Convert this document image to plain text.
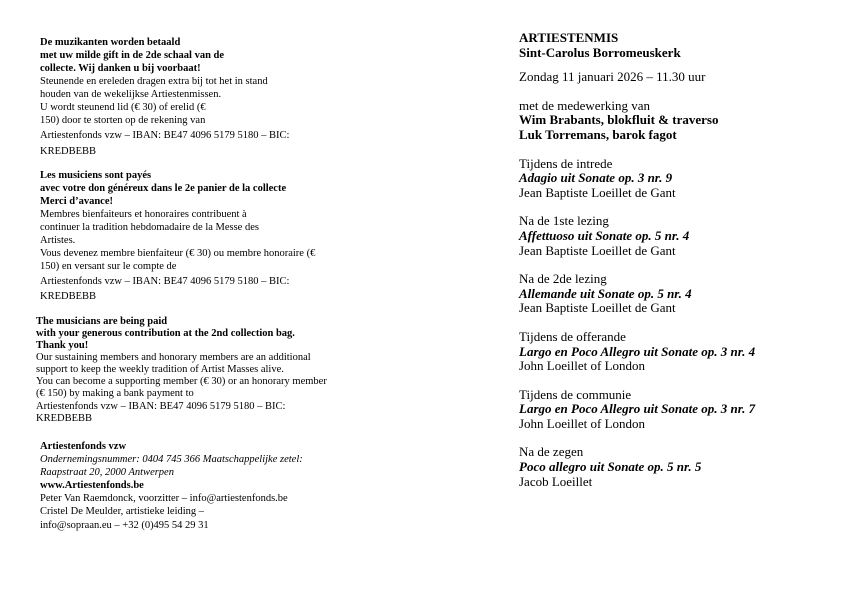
De muzikanten worden betaald
met uw milde gift in de 2de schaal van de
collecte. Wij danken u bij voorbaat!
Steunende en ereleden dragen extra bij tot het in stand
houden van de wekelijkse Artiestenmissen.
U wordt steunend lid (€ 30) of erelid (€
150) door te storten op de rekening van
Artiestenfonds vzw – IBAN: BE47 4096 5179 5180 – BIC:
KREDBEBB
Les musiciens sont payés
avec votre don généreux dans le 2e panier de la collecte
Merci d’avance!
Membres bienfaiteurs et honoraires contribuent à
continuer la tradition hebdomadaire de la Messe des
Artistes.
Vous devenez membre bienfaiteur (€ 30) ou membre honoraire (€
150) en versant sur le compte de
Artiestenfonds vzw – IBAN: BE47 4096 5179 5180 – BIC:
KREDBEBB
The musicians are being paid
with your generous contribution at the 2nd collection bag.
Thank you!
Our sustaining members and honorary members are an additional
support to keep the weekly tradition of Artist Masses alive.
You can become a supporting member (€ 30) or an honorary member
(€ 150) by making a bank payment to
Artiestenfonds vzw – IBAN: BE47 4096 5179 5180 – BIC:
KREDBEBB
Artiestenfonds vzw
Ondernemingsnummer: 0404 745 366 Maatschappelijke zetel:
Raapstraat 20, 2000 Antwerpen
www.Artiestenfonds.be
Peter Van Raemdonck, voorzitter – info@artiestenfonds.be
Cristel De Meulder, artistieke leiding –
info@sopraan.eu – +32 (0)495 54 29 31
ARTIESTENMIS
Sint-Carolus Borromeuskerk
Zondag 11 januari 2026 – 11.30 uur
met de medewerking van
Wim Brabants, blokfluit & traverso
Luk Torremans, barok fagot
Tijdens de intrede
Adagio uit Sonate op. 3 nr. 9
Jean Baptiste Loeillet de Gant
Na de 1ste lezing
Affettuoso uit Sonate op. 5 nr. 4
Jean Baptiste Loeillet de Gant
Na de 2de lezing
Allemande uit Sonate op. 5 nr. 4
Jean Baptiste Loeillet de Gant
Tijdens de offerande
Largo en Poco Allegro uit Sonate op. 3 nr. 4
John Loeillet of London
Tijdens de communie
Largo en Poco Allegro uit Sonate op. 3 nr. 7
John Loeillet of London
Na de zegen
Poco allegro uit Sonate op. 5 nr. 5
Jacob Loeillet
